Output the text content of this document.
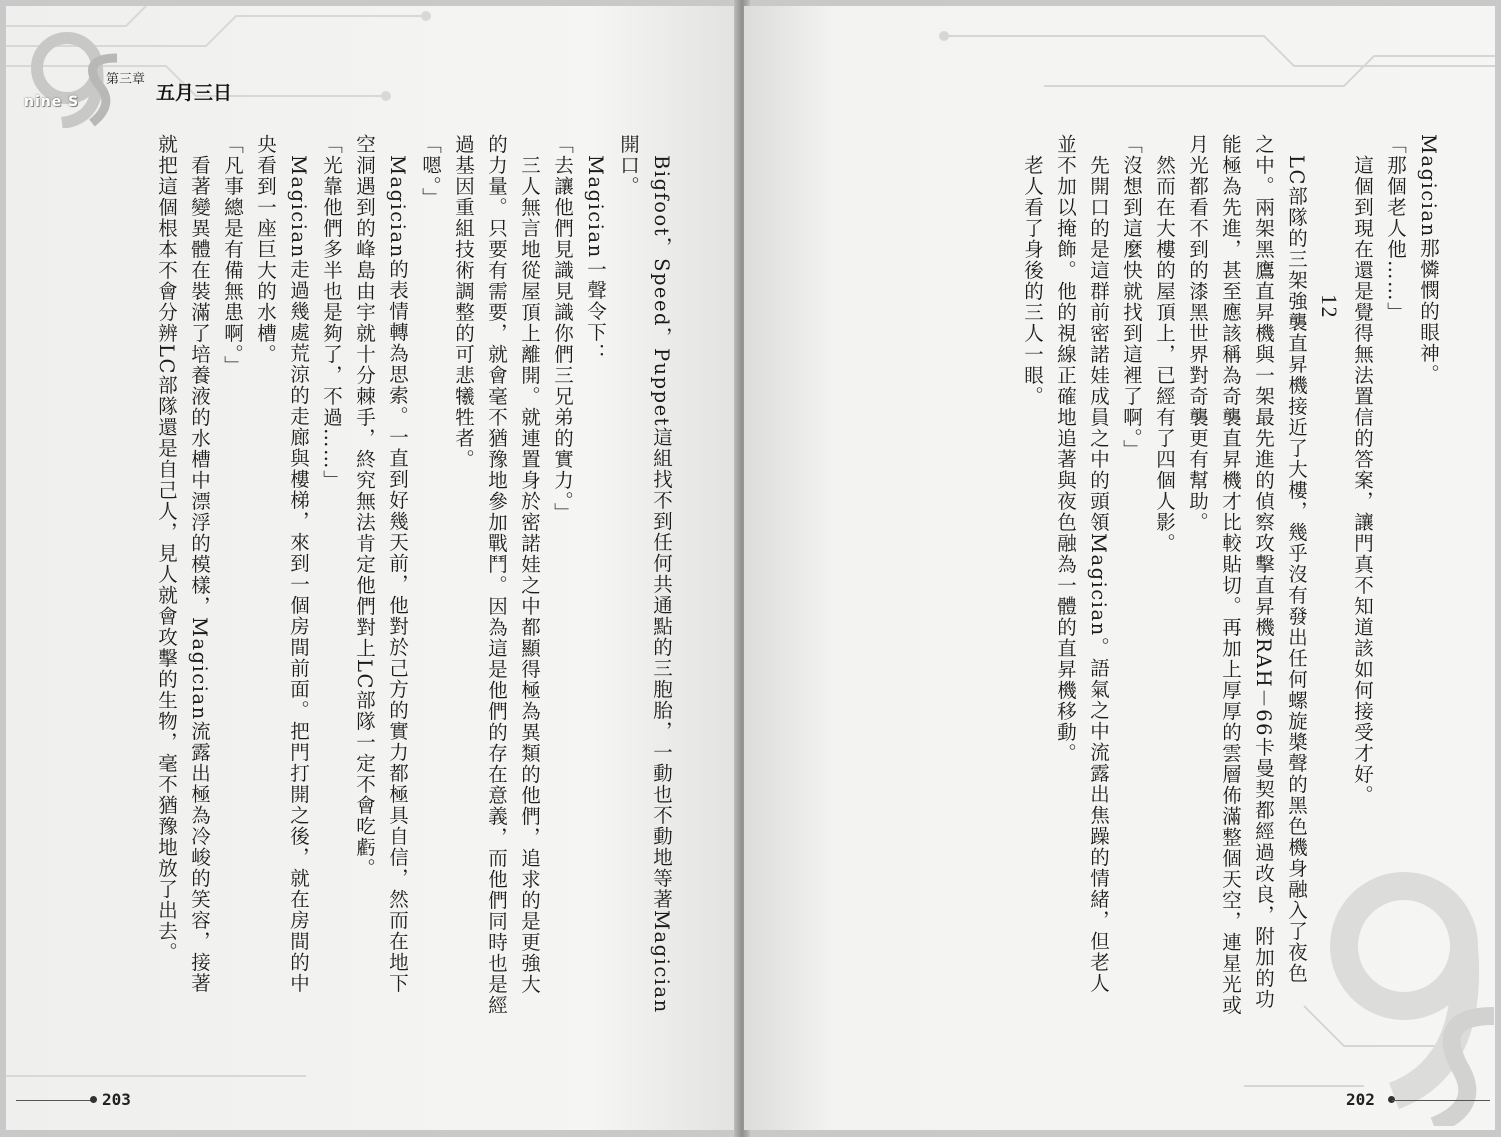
nine S
第三章
五月三日

Bigfoot，Speed，Puppet這組找不到任何共通點的三胞胎，一動也不動地等著Magician

開口。

Magician一聲令下：

「去讓他們見識見識你們三兄弟的實力。」

三人無言地從屋頂上離開。就連置身於密諾娃之中都顯得極為異類的他們，追求的是更強大

的力量。只要有需要，就會毫不猶豫地參加戰鬥。因為這是他們的存在意義，而他們同時也是經

過基因重組技術調整的可悲犧牲者。

「嗯。」

Magician的表情轉為思索。一直到好幾天前，他對於己方的實力都極具自信，然而在地下

空洞遇到的峰島由宇就十分棘手，終究無法肯定他們對上LC部隊一定不會吃虧。

「光靠他們多半也是夠了，不過……」

Magician走過幾處荒涼的走廊與樓梯，來到一個房間前面。把門打開之後，就在房間的中

央看到一座巨大的水槽。

「凡事總是有備無患啊。」

看著變異體在裝滿了培養液的水槽中漂浮的模樣，Magician流露出極為冷峻的笑容，接著

就把這個根本不會分辨LC部隊還是自己人，見人就會攻擊的生物，毫不猶豫地放了出去。

203

Magician那憐憫的眼神。

「那個老人他……」

這個到現在還是覺得無法置信的答案，讓門真不知道該如何接受才好。

12

LC部隊的三架強襲直昇機接近了大樓，幾乎沒有發出任何螺旋槳聲的黑色機身融入了夜色

之中。兩架黑鷹直昇機與一架最先進的偵察攻擊直昇機RAH－66卡曼契都經過改良，附加的功

能極為先進，甚至應該稱為奇襲直昇機才比較貼切。再加上厚厚的雲層佈滿整個天空，連星光或

月光都看不到的漆黑世界對奇襲更有幫助。

然而在大樓的屋頂上，已經有了四個人影。

「沒想到這麼快就找到這裡了啊。」

先開口的是這群前密諾娃成員之中的頭領Magician。語氣之中流露出焦躁的情緒，但老人

並不加以掩飾。他的視線正確地追著與夜色融為一體的直昇機移動。

老人看了身後的三人一眼。

202
